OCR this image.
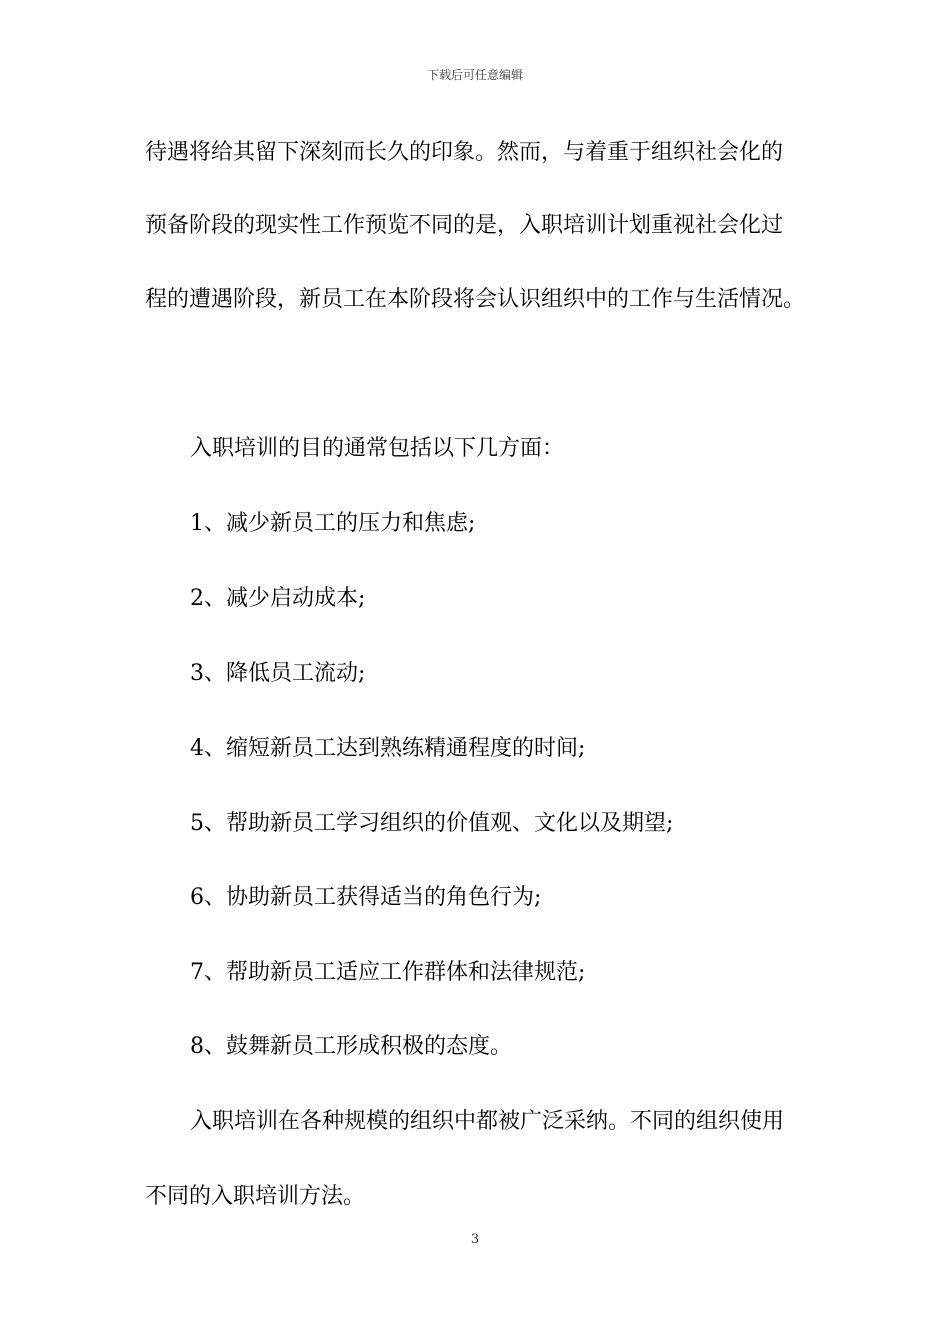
下载后可任意编辑
待遇将给其留下深刻而长久的印象。然而，与着重于组织社会化的
预备阶段的现实性工作预览不同的是，入职培训计划重视社会化过
程的遭遇阶段，新员工在本阶段将会认识组织中的工作与生活情况。
入职培训的目的通常包括以下几方面：
1、减少新员工的压力和焦虑;
2、减少启动成本;
3、降低员工流动;
4、缩短新员工达到熟练精通程度的时间;
5、帮助新员工学习组织的价值观、文化以及期望;
6、协助新员工获得适当的角色行为;
7、帮助新员工适应工作群体和法律规范;
8、鼓舞新员工形成积极的态度。
入职培训在各种规模的组织中都被广泛采纳。不同的组织使用
不同的入职培训方法。
3
